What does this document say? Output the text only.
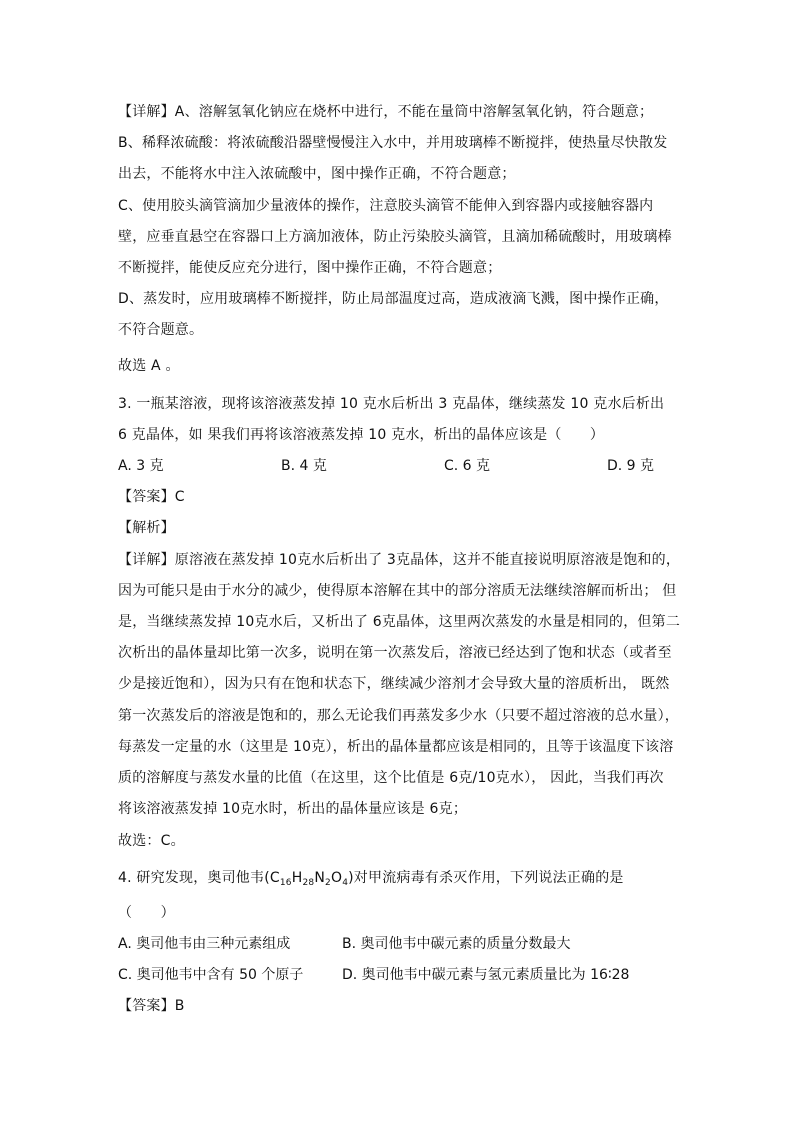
【详解】A、溶解氢氧化钠应在烧杯中进行，不能在量筒中溶解氢氧化钠，符合题意；
B、稀释浓硫酸：将浓硫酸沿器壁慢慢注入水中，并用玻璃棒不断搅拌，使热量尽快散发
出去，不能将水中注入浓硫酸中，图中操作正确，不符合题意；
C、使用胶头滴管滴加少量液体的操作，注意胶头滴管不能伸入到容器内或接触容器内
壁，应垂直悬空在容器口上方滴加液体，防止污染胶头滴管，且滴加稀硫酸时，用玻璃棒
不断搅拌，能使反应充分进行，图中操作正确，不符合题意；
D、蒸发时，应用玻璃棒不断搅拌，防止局部温度过高，造成液滴飞溅，图中操作正确，
不符合题意。
故选 A 。
3. 一瓶某溶液，现将该溶液蒸发掉 10 克水后析出 3 克晶体，继续蒸发 10 克水后析出
6 克晶体，如 果我们再将该溶液蒸发掉 10 克水，析出的晶体应该是（　　）
A. 3 克	B. 4 克	C. 6 克	D. 9 克
【答案】C
【解析】
【详解】原溶液在蒸发掉 10克水后析出了 3克晶体，这并不能直接说明原溶液是饱和的，
因为可能只是由于水分的减少，使得原本溶解在其中的部分溶质无法继续溶解而析出； 但
是，当继续蒸发掉 10克水后，又析出了 6克晶体，这里两次蒸发的水量是相同的，但第二
次析出的晶体量却比第一次多，说明在第一次蒸发后，溶液已经达到了饱和状态（或者至
少是接近饱和），因为只有在饱和状态下，继续减少溶剂才会导致大量的溶质析出， 既然
第一次蒸发后的溶液是饱和的，那么无论我们再蒸发多少水（只要不超过溶液的总水量），
每蒸发一定量的水（这里是 10克），析出的晶体量都应该是相同的，且等于该温度下该溶
质的溶解度与蒸发水量的比值（在这里，这个比值是 6克/10克水）， 因此，当我们再次
将该溶液蒸发掉 10克水时，析出的晶体量应该是 6克；
故选：C。
4. 研究发现，奥司他韦$(C_{16}H_{28}N_2O_4)$对甲流病毒有杀灭作用，下列说法正确的是
（　　）
A. 奥司他韦由三种元素组成	B. 奥司他韦中碳元素的质量分数最大
C. 奥司他韦中含有 50 个原子	D. 奥司他韦中碳元素与氢元素质量比为 16∶28
【答案】B
